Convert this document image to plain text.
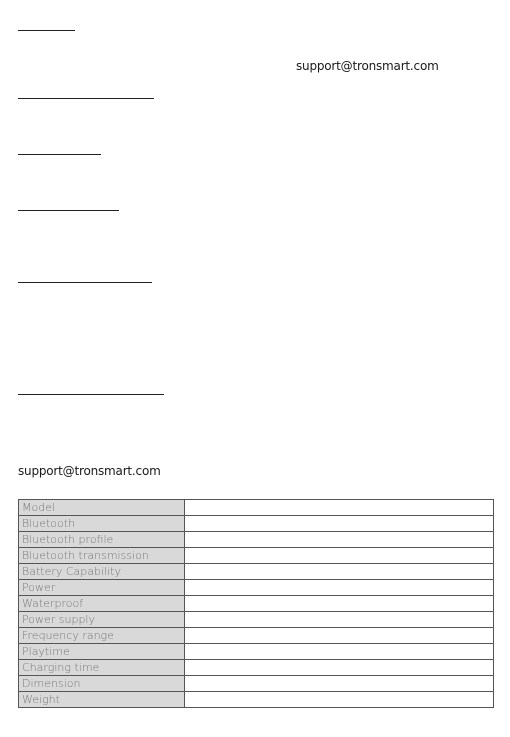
support@tronsmart.com
support@tronsmart.com
Model	
Bluetooth	
Bluetooth profile	
Bluetooth transmission	
Battery Capability	
Power	
Waterproof	
Power supply	
Frequency range	
Playtime	
Charging time	
Dimension	
Weight	
